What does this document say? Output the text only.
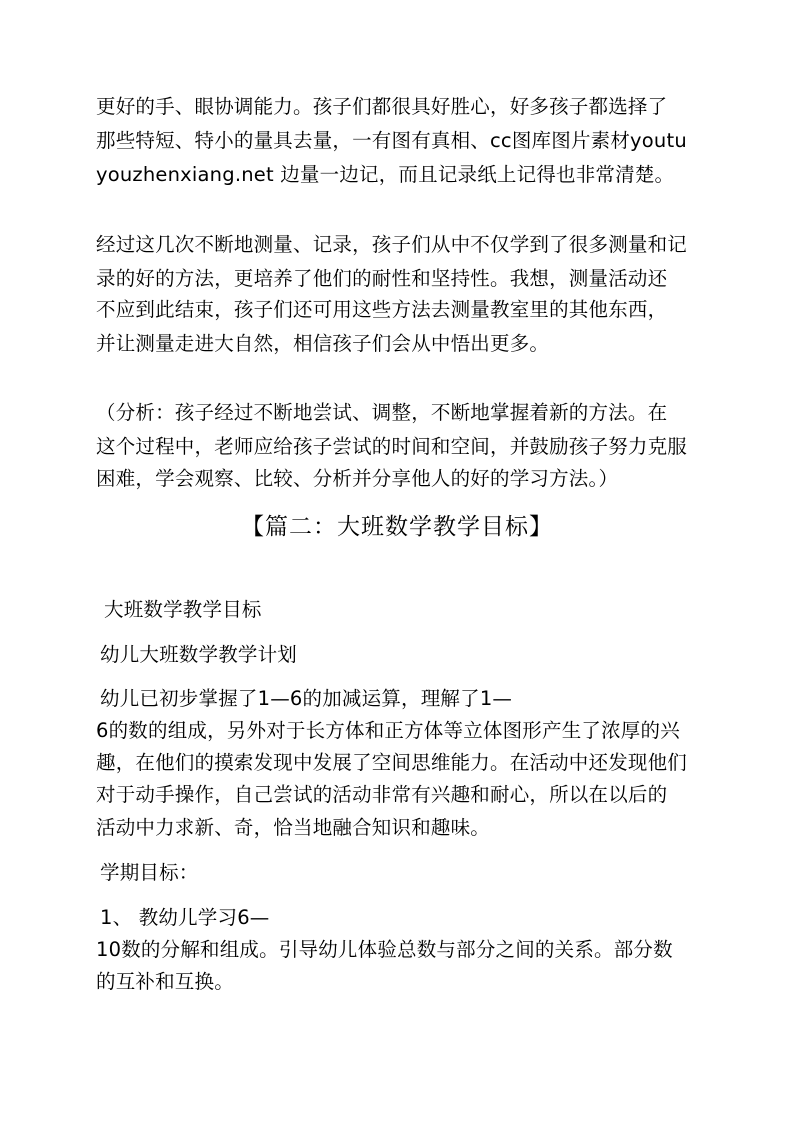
更好的手、眼协调能力。孩子们都很具好胜心，好多孩子都选择了
那些特短、特小的量具去量，一有图有真相、cc图库图片素材youtu
youzhenxiang.net 边量一边记，而且记录纸上记得也非常清楚。
经过这几次不断地测量、记录，孩子们从中不仅学到了很多测量和记
录的好的方法，更培养了他们的耐性和坚持性。我想，测量活动还
不应到此结束，孩子们还可用这些方法去测量教室里的其他东西，
并让测量走进大自然，相信孩子们会从中悟出更多。
（分析：孩子经过不断地尝试、调整，不断地掌握着新的方法。在
这个过程中，老师应给孩子尝试的时间和空间，并鼓励孩子努力克服
困难，学会观察、比较、分析并分享他人的好的学习方法。）
【篇二：大班数学教学目标】
大班数学教学目标
幼儿大班数学教学计划
幼儿已初步掌握了1—6的加减运算，理解了1—
6的数的组成，另外对于长方体和正方体等立体图形产生了浓厚的兴
趣，在他们的摸索发现中发展了空间思维能力。在活动中还发现他们
对于动手操作，自己尝试的活动非常有兴趣和耐心，所以在以后的
活动中力求新、奇，恰当地融合知识和趣味。
学期目标：
1、 教幼儿学习6—
10数的分解和组成。引导幼儿体验总数与部分之间的关系。部分数
的互补和互换。
